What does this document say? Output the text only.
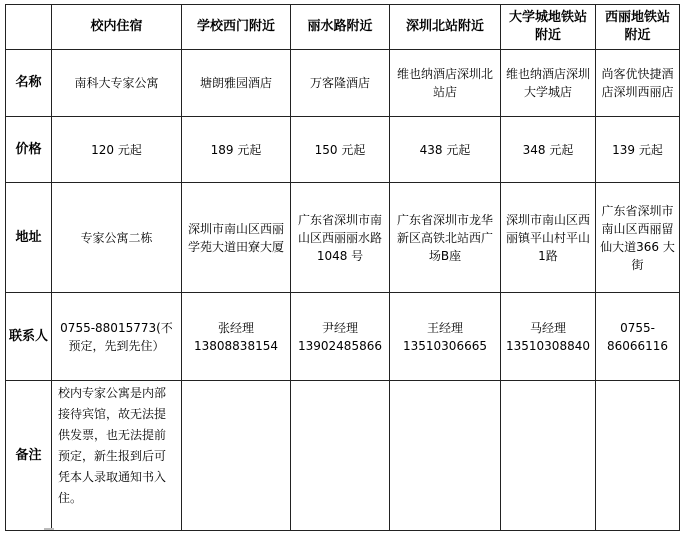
	校内住宿	学校西门附近	丽水路附近	深圳北站附近	大学城地铁站附近	西丽地铁站附近
名称	南科大专家公寓	塘朗雅园酒店	万客隆酒店	维也纳酒店深圳北站店	维也纳酒店深圳大学城店	尚客优快捷酒店深圳西丽店
价格	120 元起	189 元起	150 元起	438 元起	348 元起	139 元起
地址	专家公寓二栋	深圳市南山区西丽学苑大道田寮大厦	广东省深圳市南山区西丽丽水路1048 号	广东省深圳市龙华新区高铁北站西广场B座	深圳市南山区西丽镇平山村平山1路	广东省深圳市南山区西丽留仙大道366 大街
联系人	0755-88015773(不预定，先到先住）	张经理 13808838154	尹经理 13902485866	王经理 13510306665	马经理 13510308840	0755-86066116
备注	校内专家公寓是内部接待宾馆，故无法提供发票，也无法提前预定，新生报到后可凭本人录取通知书入住。					
